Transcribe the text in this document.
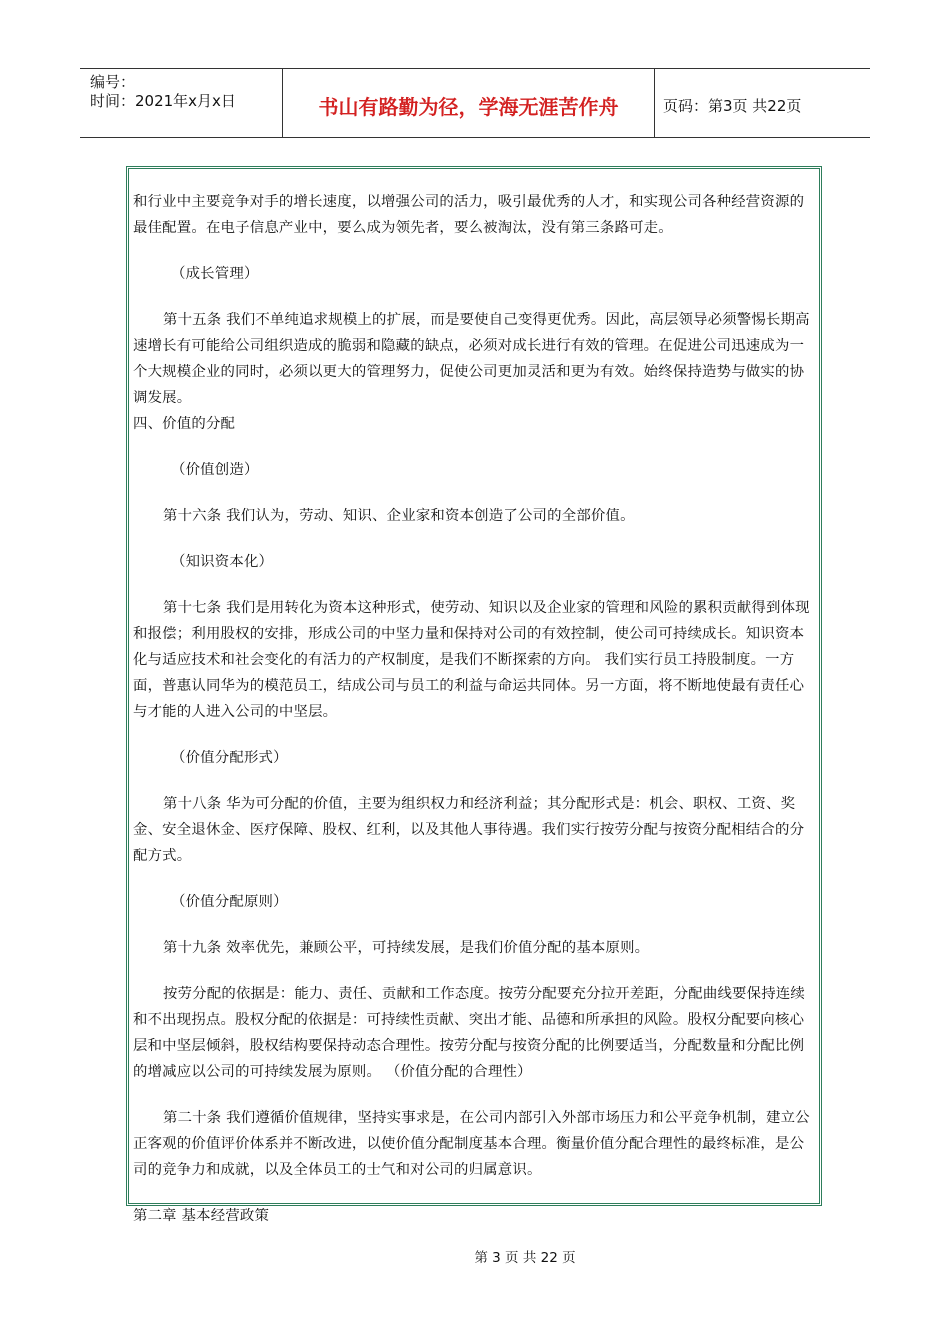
编号：
时间：2021年x月x日	书山有路勤为径，学海无涯苦作舟	页码：第3页 共22页

和行业中主要竞争对手的增长速度，以增强公司的活力，吸引最优秀的人才，和实现公司各种经营资源的最佳配置。在电子信息产业中，要么成为领先者，要么被淘汰，没有第三条路可走。

（成长管理）

第十五条 我们不单纯追求规模上的扩展，而是要使自己变得更优秀。因此，高层领导必须警惕长期高速增长有可能给公司组织造成的脆弱和隐藏的缺点，必须对成长进行有效的管理。在促进公司迅速成为一个大规模企业的同时，必须以更大的管理努力，促使公司更加灵活和更为有效。始终保持造势与做实的协调发展。

四、价值的分配

（价值创造）

第十六条 我们认为，劳动、知识、企业家和资本创造了公司的全部价值。

（知识资本化）

第十七条 我们是用转化为资本这种形式，使劳动、知识以及企业家的管理和风险的累积贡献得到体现和报偿；利用股权的安排，形成公司的中坚力量和保持对公司的有效控制，使公司可持续成长。知识资本化与适应技术和社会变化的有活力的产权制度，是我们不断探索的方向。 我们实行员工持股制度。一方面，普惠认同华为的模范员工，结成公司与员工的利益与命运共同体。另一方面，将不断地使最有责任心与才能的人进入公司的中坚层。

（价值分配形式）

第十八条 华为可分配的价值，主要为组织权力和经济利益；其分配形式是：机会、职权、工资、奖金、安全退休金、医疗保障、股权、红利，以及其他人事待遇。我们实行按劳分配与按资分配相结合的分配方式。

（价值分配原则）

第十九条 效率优先，兼顾公平，可持续发展，是我们价值分配的基本原则。

按劳分配的依据是：能力、责任、贡献和工作态度。按劳分配要充分拉开差距，分配曲线要保持连续和不出现拐点。股权分配的依据是：可持续性贡献、突出才能、品德和所承担的风险。股权分配要向核心层和中坚层倾斜，股权结构要保持动态合理性。按劳分配与按资分配的比例要适当，分配数量和分配比例的增减应以公司的可持续发展为原则。 （价值分配的合理性）

第二十条 我们遵循价值规律，坚持实事求是，在公司内部引入外部市场压力和公平竞争机制，建立公正客观的价值评价体系并不断改进，以使价值分配制度基本合理。衡量价值分配合理性的最终标准，是公司的竞争力和成就，以及全体员工的士气和对公司的归属意识。

第二章 基本经营政策

第 3 页 共 22 页
